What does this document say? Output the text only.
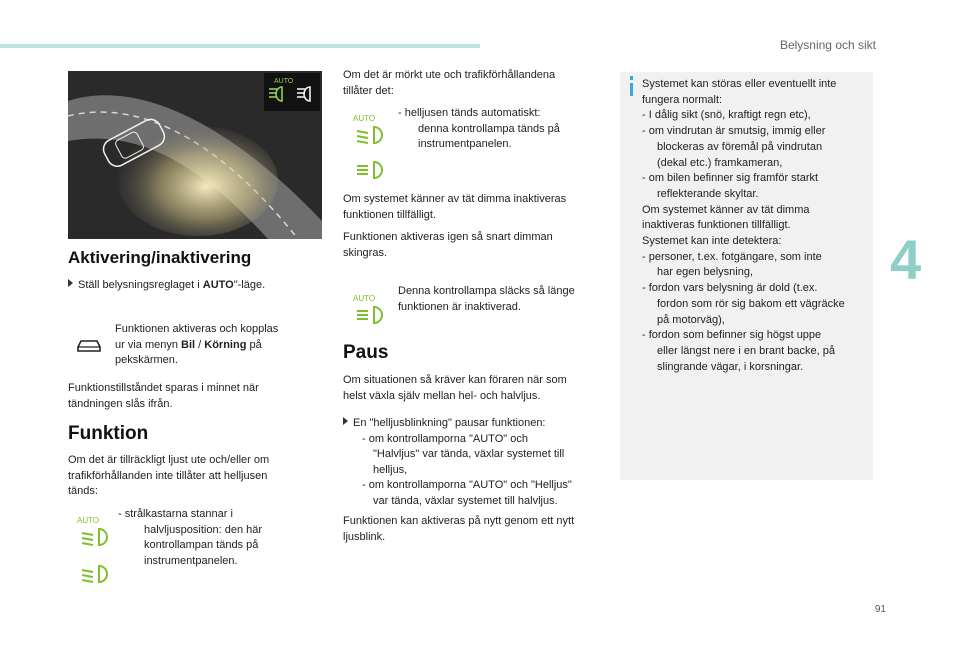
Belysning och sikt
4
91
AUTO
Aktivering/inaktivering
Ställ belysningsreglaget i AUTO"-läge.
Funktionen aktiveras och kopplas
ur via menyn Bil / Körning på
pekskärmen.
Funktionstillståndet sparas i minnet när
tändningen slås ifrån.
Funktion
Om det är tillräckligt ljust ute och/eller om
trafikförhållanden inte tillåter att helljusen
tänds:
AUTO
- strålkastarna stannar i
halvljusposition: den här
kontrollampan tänds på
instrumentpanelen.
Om det är mörkt ute och trafikförhållandena
tillåter det:
AUTO - helljusen tänds automatiskt:
denna kontrollampa tänds på
instrumentpanelen.
Om systemet känner av tät dimma inaktiveras
funktionen tillfälligt.
Funktionen aktiveras igen så snart dimman
skingras.
AUTO
Denna kontrollampa släcks så länge
funktionen är inaktiverad.
Paus
Om situationen så kräver kan föraren när som
helst växla själv mellan hel- och halvljus.
En "helljusblinkning" pausar funktionen:
- om kontrollamporna "AUTO" och
"Halvljus" var tända, växlar systemet till
helljus,
- om kontrollamporna "AUTO" och "Helljus"
var tända, växlar systemet till halvljus.
Funktionen kan aktiveras på nytt genom ett nytt
ljusblink.
Systemet kan störas eller eventuellt inte
fungera normalt:
- I dålig sikt (snö, kraftigt regn etc),
- om vindrutan är smutsig, immig eller
blockeras av föremål på vindrutan
(dekal etc.) framkameran,
- om bilen befinner sig framför starkt
reflekterande skyltar.
Om systemet känner av tät dimma
inaktiveras funktionen tillfälligt.
Systemet kan inte detektera:
- personer, t.ex. fotgängare, som inte
har egen belysning,
- fordon vars belysning är dold (t.ex.
fordon som rör sig bakom ett vägräcke
på motorväg),
- fordon som befinner sig högst uppe
eller längst nere i en brant backe, på
slingrande vägar, i korsningar.
